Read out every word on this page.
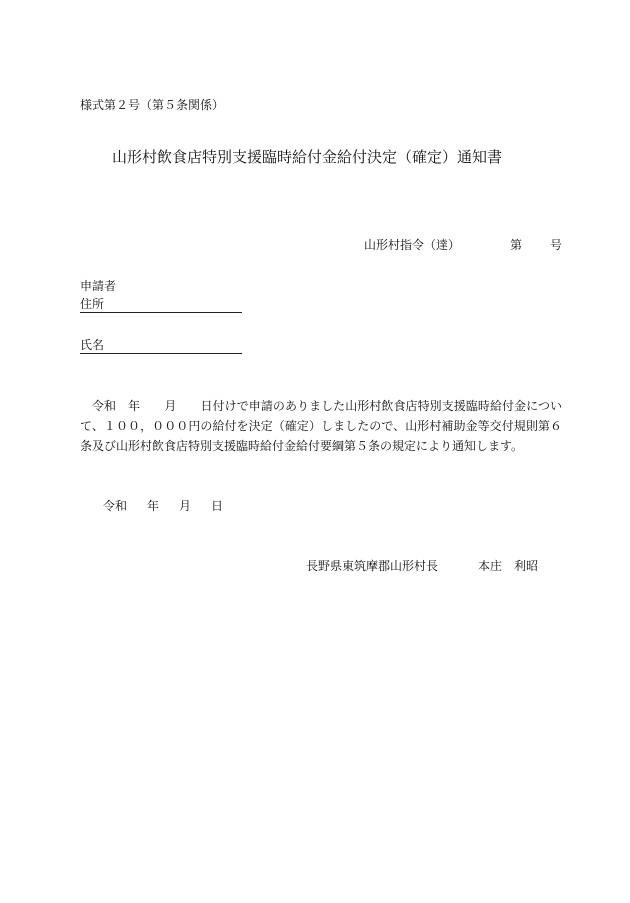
様式第２号（第５条関係）
山形村飲食店特別支援臨時給付金給付決定（確定）通知書
山形村指令（達）	第 号
申請者
住所
氏名
令和　年　　月　　日付けで申請のありました山形村飲食店特別支援臨時給付金について、１００，０００円の給付を決定（確定）しましたので、山形村補助金等交付規則第６条及び山形村飲食店特別支援臨時給付金給付要綱第５条の規定により通知します。
令和 年 月 日
長野県東筑摩郡山形村長	本庄　利昭
